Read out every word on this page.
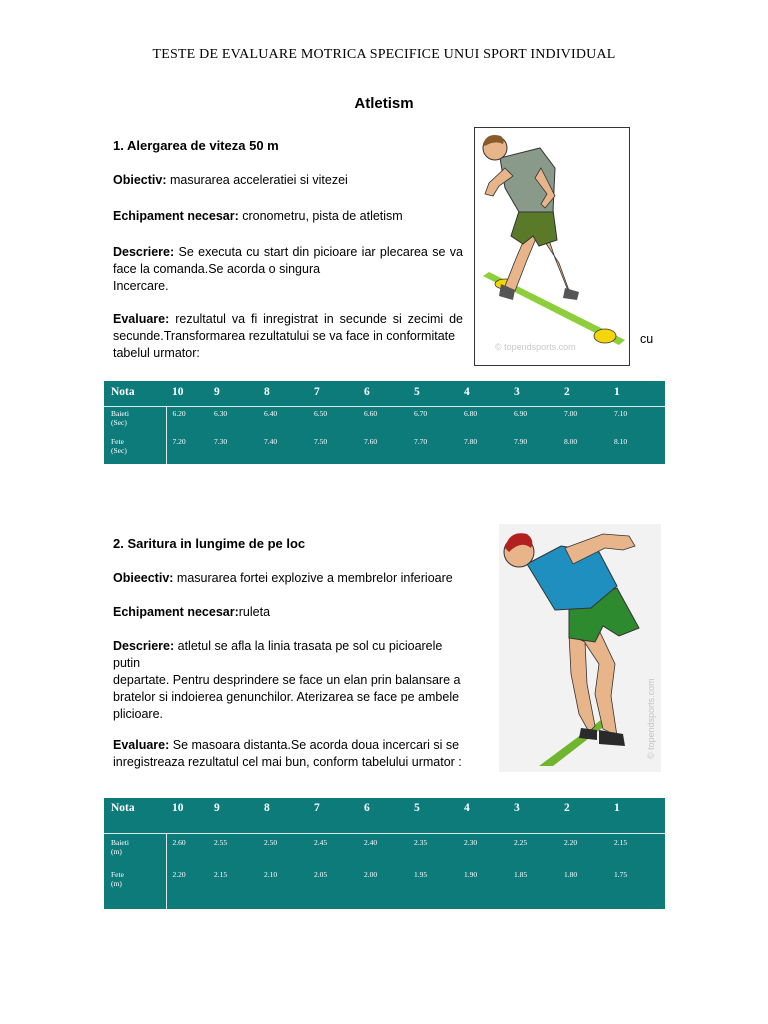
TESTE DE EVALUARE MOTRICA SPECIFICE UNUI SPORT INDIVIDUAL
Atletism
1. Alergarea de viteza 50 m
Obiectiv: masurarea acceleratiei si vitezei
Echipament necesar: cronometru, pista de atletism
Descriere: Se executa cu start din picioare iar plecarea se va
face la comanda.Se acorda o singura
Incercare.
Evaluare: rezultatul va fi inregistrat in secunde si zecimi de
secunde.Transformarea rezultatului se va face in conformitate
tabelul urmator:
cu
© topendsports.com
Nota	10	9	8	7	6	5	4	3	2	1
Baieti
(Sec)	6.20	6.30	6.40	6.50	6.60	6.70	6.80	6.90	7.00	7.10
Fete
(Sec)	7.20	7.30	7.40	7.50	7.60	7.70	7.80	7.90	8.00	8.10
2. Saritura in lungime de pe loc
Obieectiv: masurarea fortei explozive a membrelor inferioare
Echipament necesar:ruleta
Descriere: atletul se afla la linia trasata pe sol cu picioarele putin
departate. Pentru desprindere se face un elan prin balansare a
bratelor si indoierea genunchilor. Aterizarea se face pe ambele
plicioare.
Evaluare: Se masoara distanta.Se acorda doua incercari si se
inregistreaza rezultatul cel mai bun, conform tabelului urmator :
© topendsports.com
Nota	10	9	8	7	6	5	4	3	2	1
Baieti
(m)	2.60	2.55	2.50	2.45	2.40	2.35	2.30	2.25	2.20	2.15
Fete
(m)	2.20	2.15	2.10	2.05	2.00	1.95	1.90	1.85	1.80	1.75
